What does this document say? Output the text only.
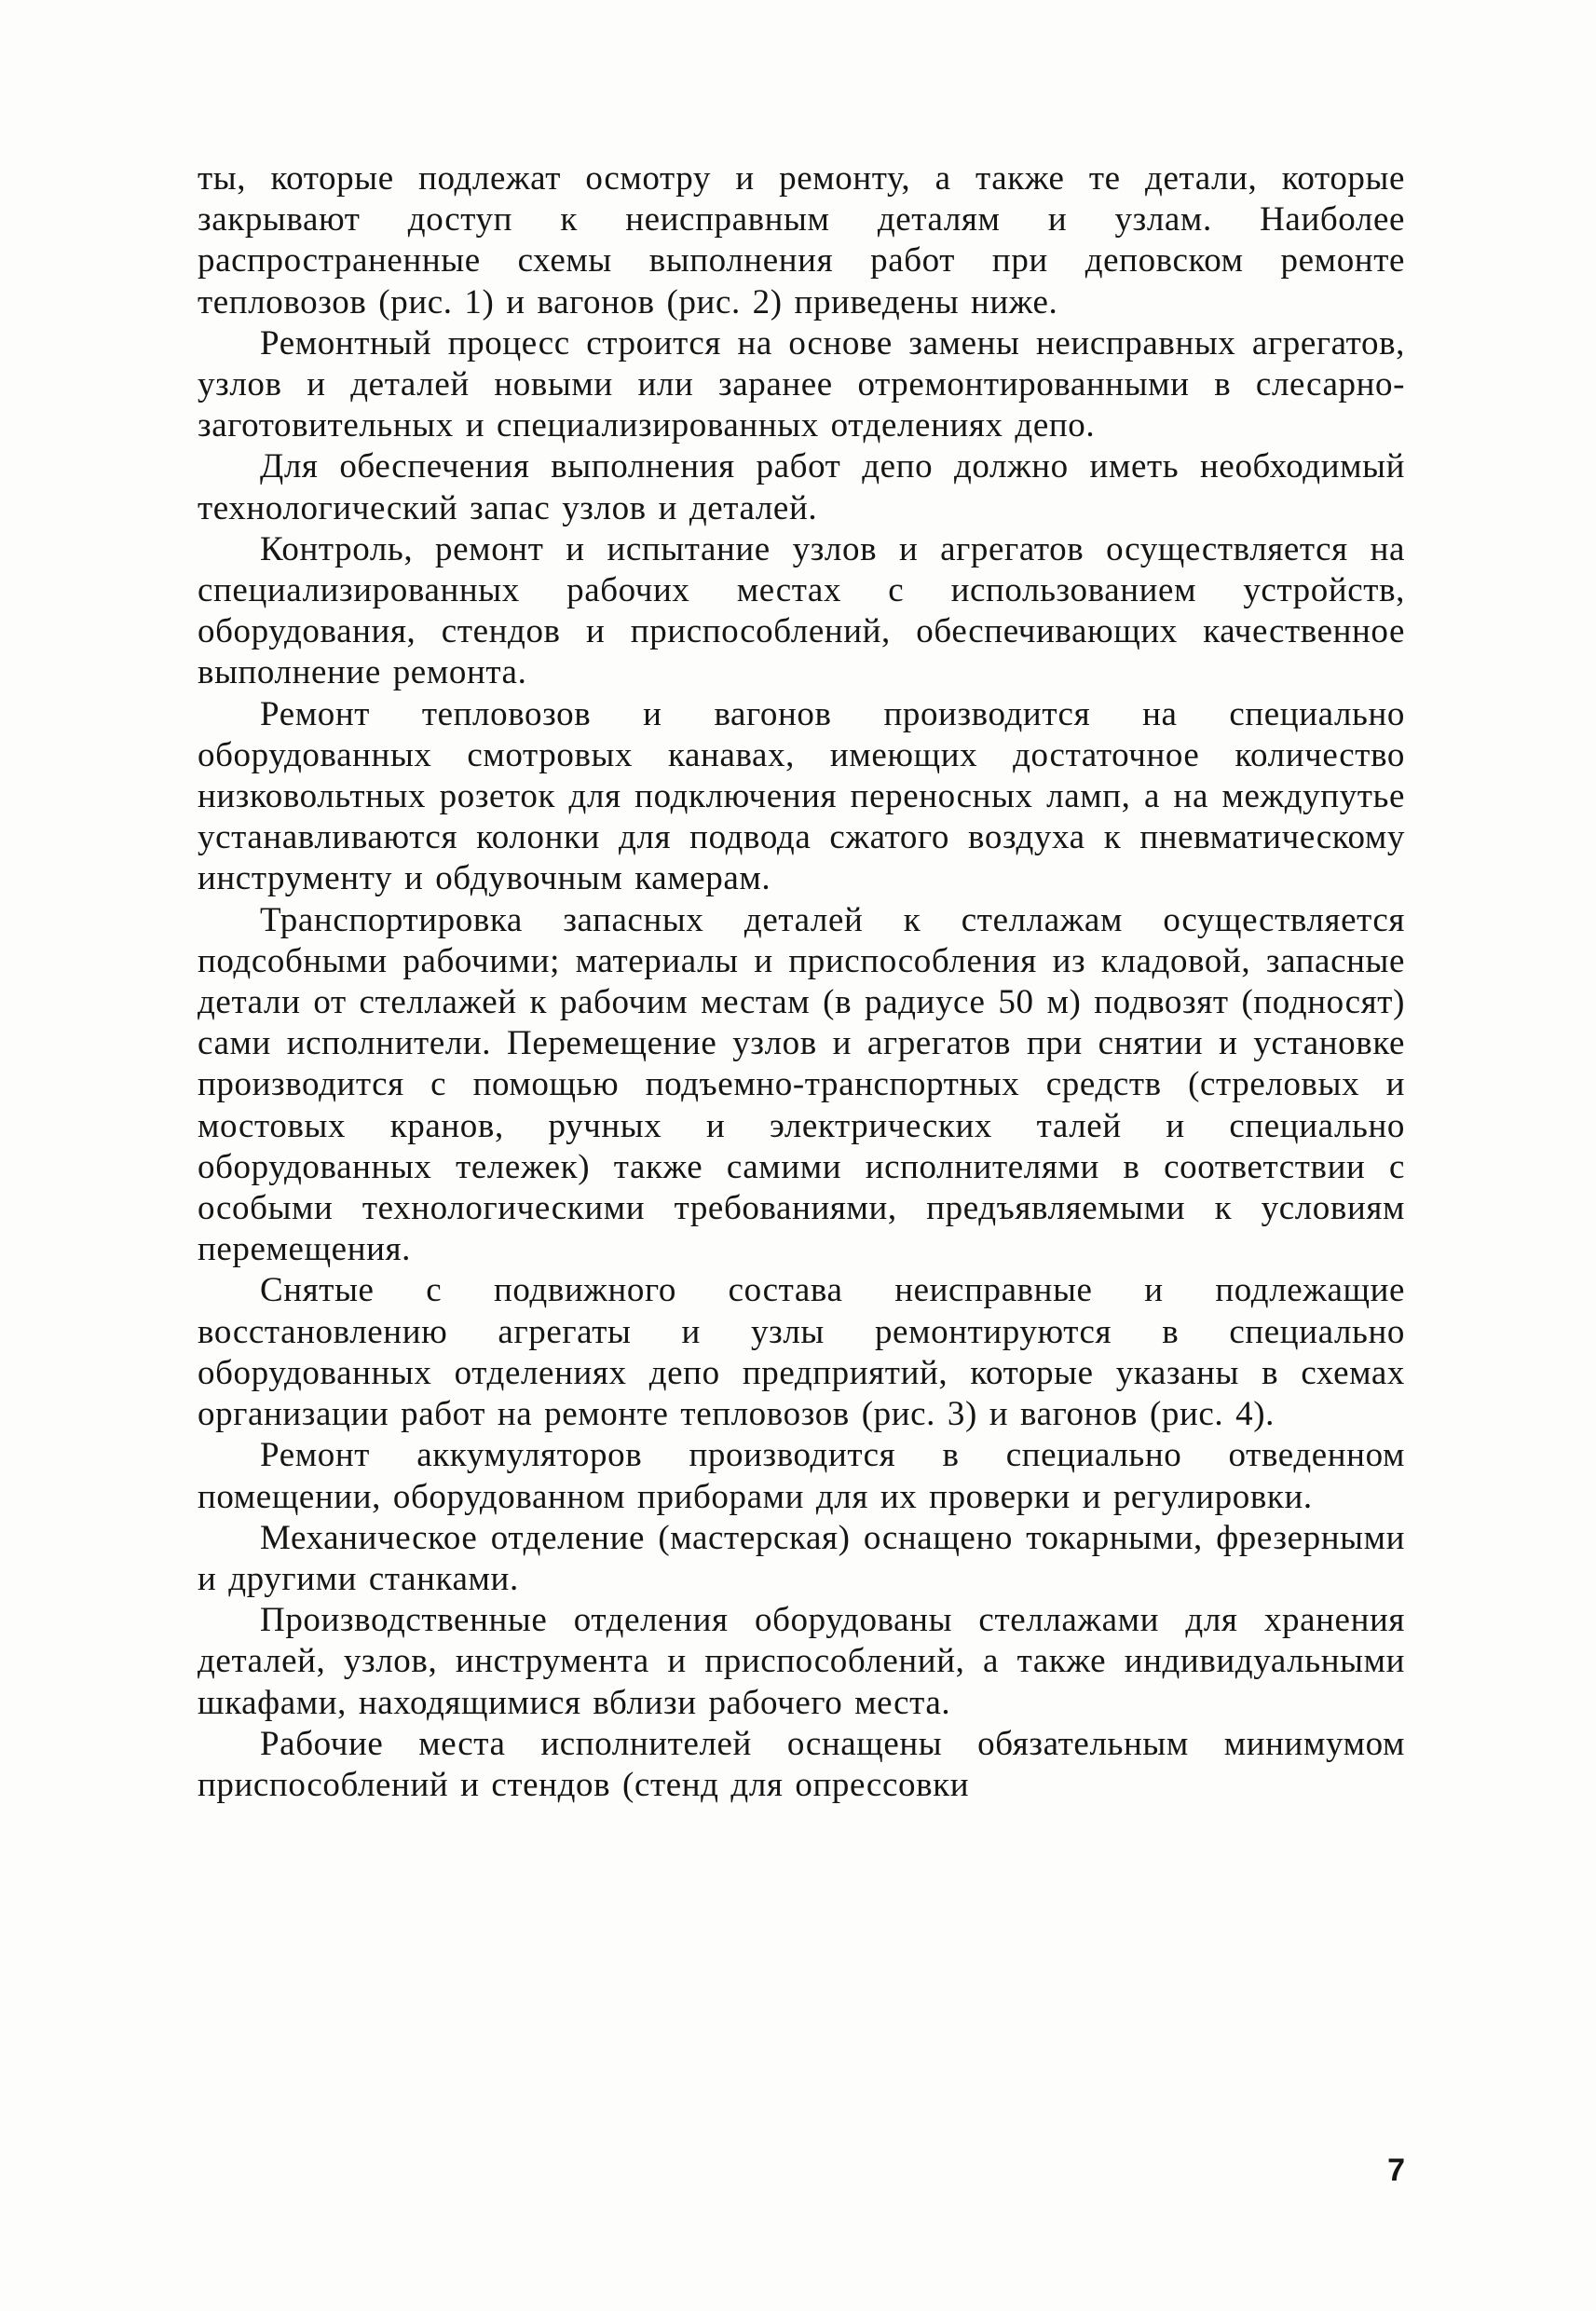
ты, которые подлежат осмотру и ремонту, а также те детали, которые закрывают доступ к неисправным деталям и узлам. Наиболее распространенные схемы выполнения работ при деповском ремонте тепловозов (рис. 1) и вагонов (рис. 2) приведены ниже.

Ремонтный процесс строится на основе замены неисправных агрегатов, узлов и деталей новыми или заранее отремонтированными в слесарно-заготовительных и специализированных отделениях депо.

Для обеспечения выполнения работ депо должно иметь необходимый технологический запас узлов и деталей.

Контроль, ремонт и испытание узлов и агрегатов осуществляется на специализированных рабочих местах с использованием устройств, оборудования, стендов и приспособлений, обеспечивающих качественное выполнение ремонта.

Ремонт тепловозов и вагонов производится на специально оборудованных смотровых канавах, имеющих достаточное количество низковольтных розеток для подключения переносных ламп, а на междупутье устанавливаются колонки для подвода сжатого воздуха к пневматическому инструменту и обдувочным камерам.

Транспортировка запасных деталей к стеллажам осуществляется подсобными рабочими; материалы и приспособления из кладовой, запасные детали от стеллажей к рабочим местам (в радиусе 50 м) подвозят (подносят) сами исполнители. Перемещение узлов и агрегатов при снятии и установке производится с помощью подъемно-транспортных средств (стреловых и мостовых кранов, ручных и электрических талей и специально оборудованных тележек) также самими исполнителями в соответствии с особыми технологическими требованиями, предъявляемыми к условиям перемещения.

Снятые с подвижного состава неисправные и подлежащие восстановлению агрегаты и узлы ремонтируются в специально оборудованных отделениях депо предприятий, которые указаны в схемах организации работ на ремонте тепловозов (рис. 3) и вагонов (рис. 4).

Ремонт аккумуляторов производится в специально отведенном помещении, оборудованном приборами для их проверки и регулировки.

Механическое отделение (мастерская) оснащено токарными, фрезерными и другими станками.

Производственные отделения оборудованы стеллажами для хранения деталей, узлов, инструмента и приспособлений, а также индивидуальными шкафами, находящимися вблизи рабочего места.

Рабочие места исполнителей оснащены обязательным минимумом приспособлений и стендов (стенд для опрессовки

7
